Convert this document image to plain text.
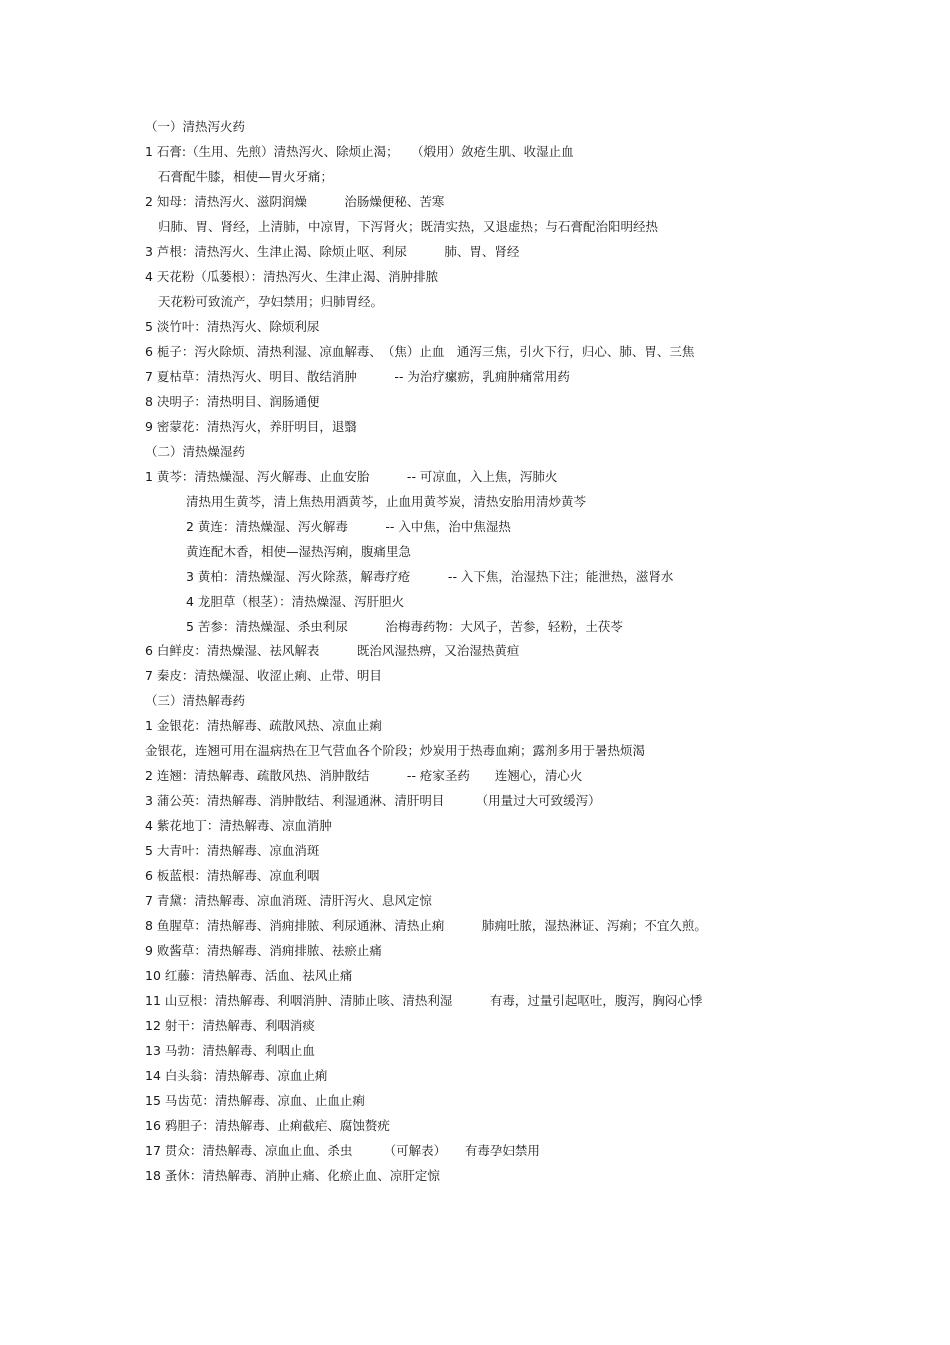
（一）清热泻火药
1 石膏:（生用、先煎）清热泻火、除烦止渴；　　（煅用）敛疮生肌、收湿止血
石膏配牛膝，相使—胃火牙痛；
2 知母：清热泻火、滋阴润燥　　　治肠燥便秘、苦寒
归肺、胃、肾经，上清肺，中凉胃，下泻肾火；既清实热，又退虚热；与石膏配治阳明经热
3 芦根：清热泻火、生津止渴、除烦止呕、利尿　　　肺、胃、肾经
4 天花粉（瓜蒌根）：清热泻火、生津止渴、消肿排脓
天花粉可致流产，孕妇禁用；归肺胃经。
5 淡竹叶：清热泻火、除烦利尿
6 栀子：泻火除烦、清热利湿、凉血解毒、　（焦）止血　通泻三焦，引火下行，归心、肺、胃、三焦
7 夏枯草：清热泻火、明目、散结消肿　　　-- 为治疗瘰疬，乳痈肿痛常用药
8 决明子：清热明目、润肠通便
9 密蒙花：清热泻火，养肝明目，退翳
（二）清热燥湿药
1 黄芩：清热燥湿、泻火解毒、止血安胎　　　-- 可凉血，入上焦，泻肺火
清热用生黄芩，清上焦热用酒黄芩，止血用黄芩炭，清热安胎用清炒黄芩
2 黄连：清热燥湿、泻火解毒　　　-- 入中焦，治中焦湿热
黄连配木香，相使—湿热泻痢，腹痛里急
3 黄柏：清热燥湿、泻火除蒸，解毒疗疮　　　-- 入下焦，治湿热下注；能泄热，滋肾水
4 龙胆草（根茎）：清热燥湿、泻肝胆火
5 苦参：清热燥湿、杀虫利尿　　　治梅毒药物：大风子，苦参，轻粉，土茯苓
6 白鲜皮：清热燥湿、祛风解表　　　既治风湿热痹，又治湿热黄疸
7 秦皮：清热燥湿、收涩止痢、止带、明目
（三）清热解毒药
1 金银花：清热解毒、疏散风热、凉血止痢
金银花，连翘可用在温病热在卫气营血各个阶段；炒炭用于热毒血痢；露剂多用于暑热烦渴
2 连翘：清热解毒、疏散风热、消肿散结　　　-- 疮家圣药　　连翘心，清心火
3 蒲公英：清热解毒、消肿散结、利湿通淋、清肝明目　　　（用量过大可致缓泻）
4 紫花地丁：清热解毒、凉血消肿
5 大青叶：清热解毒、凉血消斑
6 板蓝根：清热解毒、凉血利咽
7 青黛：清热解毒、凉血消斑、清肝泻火、息风定惊
8 鱼腥草：清热解毒、消痈排脓、利尿通淋、清热止痢　　　肺痈吐脓，湿热淋证、泻痢；不宜久煎。
9 败酱草：清热解毒、消痈排脓、祛瘀止痛
10 红藤：清热解毒、活血、祛风止痛
11 山豆根：清热解毒、利咽消肿、清肺止咳、清热利湿　　　有毒，过量引起呕吐，腹泻，胸闷心悸
12 射干：清热解毒、利咽消痰
13 马勃：清热解毒、利咽止血
14 白头翁：清热解毒、凉血止痢
15 马齿苋：清热解毒、凉血、止血止痢
16 鸦胆子：清热解毒、止痢截疟、腐蚀赘疣
17 贯众：清热解毒、凉血止血、杀虫　　　（可解表）　　有毒孕妇禁用
18 蚤休：清热解毒、消肿止痛、化瘀止血、凉肝定惊
